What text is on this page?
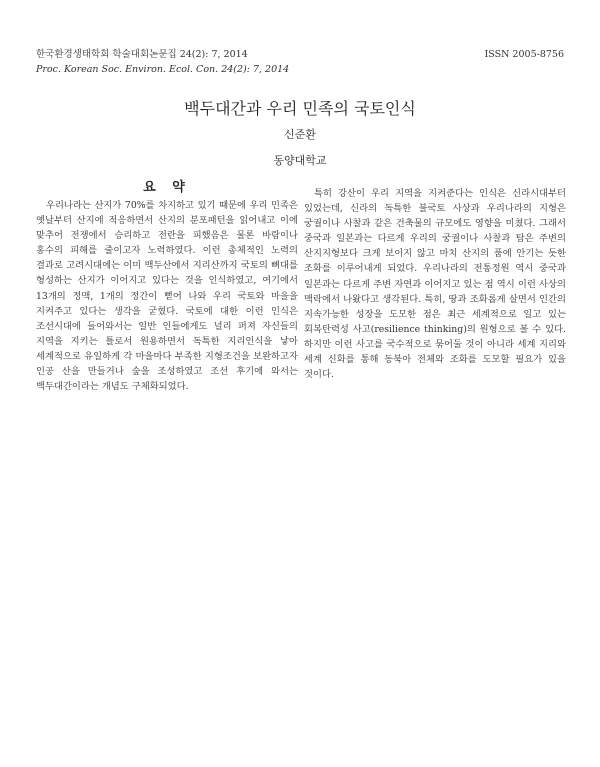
한국환경생태학회 학술대회논문집 24(2): 7, 2014	ISSN 2005-8756
Proc. Korean Soc. Environ. Ecol. Con. 24(2): 7, 2014
백두대간과 우리 민족의 국토인식
신준환
동양대학교
요 약

우리나라는 산지가 70%를 차지하고 있기 때문에 우리 민족은 옛날부터 산지에 적응하면서 산지의 분포패턴을 읽어내고 이에 맞추어 전쟁에서 승리하고 전란을 피했음은 물론 바람이나 홍수의 피해를 줄이고자 노력하였다. 이런 총체적인 노력의 결과로 고려시대에는 이미 백두산에서 지리산까지 국토의 뼈대를 형성하는 산지가 이어지고 있다는 것을 인식하였고, 여기에서 13개의 정맥, 1개의 정간이 뻗어 나와 우리 국토와 마을을 지켜주고 있다는 생각을 굳혔다. 국토에 대한 이런 인식은 조선시대에 들어와서는 일반 인들에게도 널리 퍼져 자신들의 지역을 지키는 틀로서 원용하면서 독특한 지리인식을 낳아 세계적으로 유일하게 각 마을마다 부족한 지형조건을 보완하고자 인공 산을 만들거나 숲을 조성하였고 조선 후기에 와서는 백두대간이라는 개념도 구체화되었다.

특히 강산이 우리 지역을 지켜준다는 인식은 신라시대부터 있었는데, 신라의 독특한 불국토 사상과 우리나라의 지형은 궁궐이나 사찰과 같은 건축물의 규모에도 영향을 미쳤다. 그래서 중국과 일본과는 다르게 우리의 궁궐이나 사찰과 탑은 주변의 산지지형보다 크게 보이지 않고 마치 산지의 품에 안기는 듯한 조화를 이루어내게 되었다. 우리나라의 전통정원 역시 중국과 일본과는 다르게 주변 자연과 이어지고 있는 점 역시 이런 사상의 맥락에서 나왔다고 생각된다. 특히, 땅과 조화롭게 살면서 인간의 지속가능한 성장을 도모한 점은 최근 세계적으로 일고 있는 회복탄력성 사고(resilience thinking)의 원형으로 볼 수 있다. 하지만 이런 사고를 국수적으로 묶어둘 것이 아니라 세계 지리와 세계 신화를 통해 동북아 전체와 조화를 도모할 필요가 있을 것이다.
